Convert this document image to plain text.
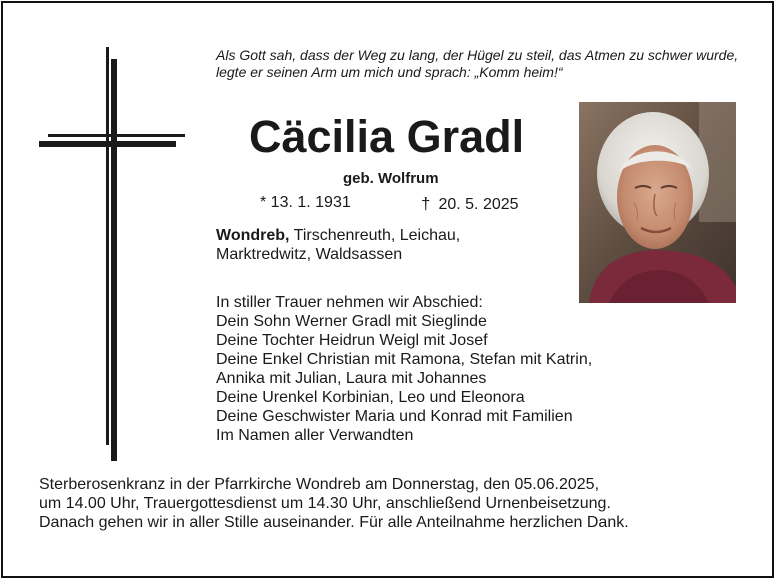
Als Gott sah, dass der Weg zu lang, der Hügel zu steil, das Atmen zu schwer wurde, legte er seinen Arm um mich und sprach: „Komm heim!“
Cäcilia Gradl
geb. Wolfrum
* 13. 1. 1931	† 20. 5. 2025
Wondreb, Tirschenreuth, Leichau, Marktredwitz, Waldsassen
In stiller Trauer nehmen wir Abschied:
Dein Sohn Werner Gradl mit Sieglinde
Deine Tochter Heidrun Weigl mit Josef
Deine Enkel Christian mit Ramona, Stefan mit Katrin,
Annika mit Julian, Laura mit Johannes
Deine Urenkel Korbinian, Leo und Eleonora
Deine Geschwister Maria und Konrad mit Familien
Im Namen aller Verwandten
Sterberosenkranz in der Pfarrkirche Wondreb am Donnerstag, den 05.06.2025,
um 14.00 Uhr, Trauergottesdienst um 14.30 Uhr, anschließend Urnenbeisetzung.
Danach gehen wir in aller Stille auseinander. Für alle Anteilnahme herzlichen Dank.
